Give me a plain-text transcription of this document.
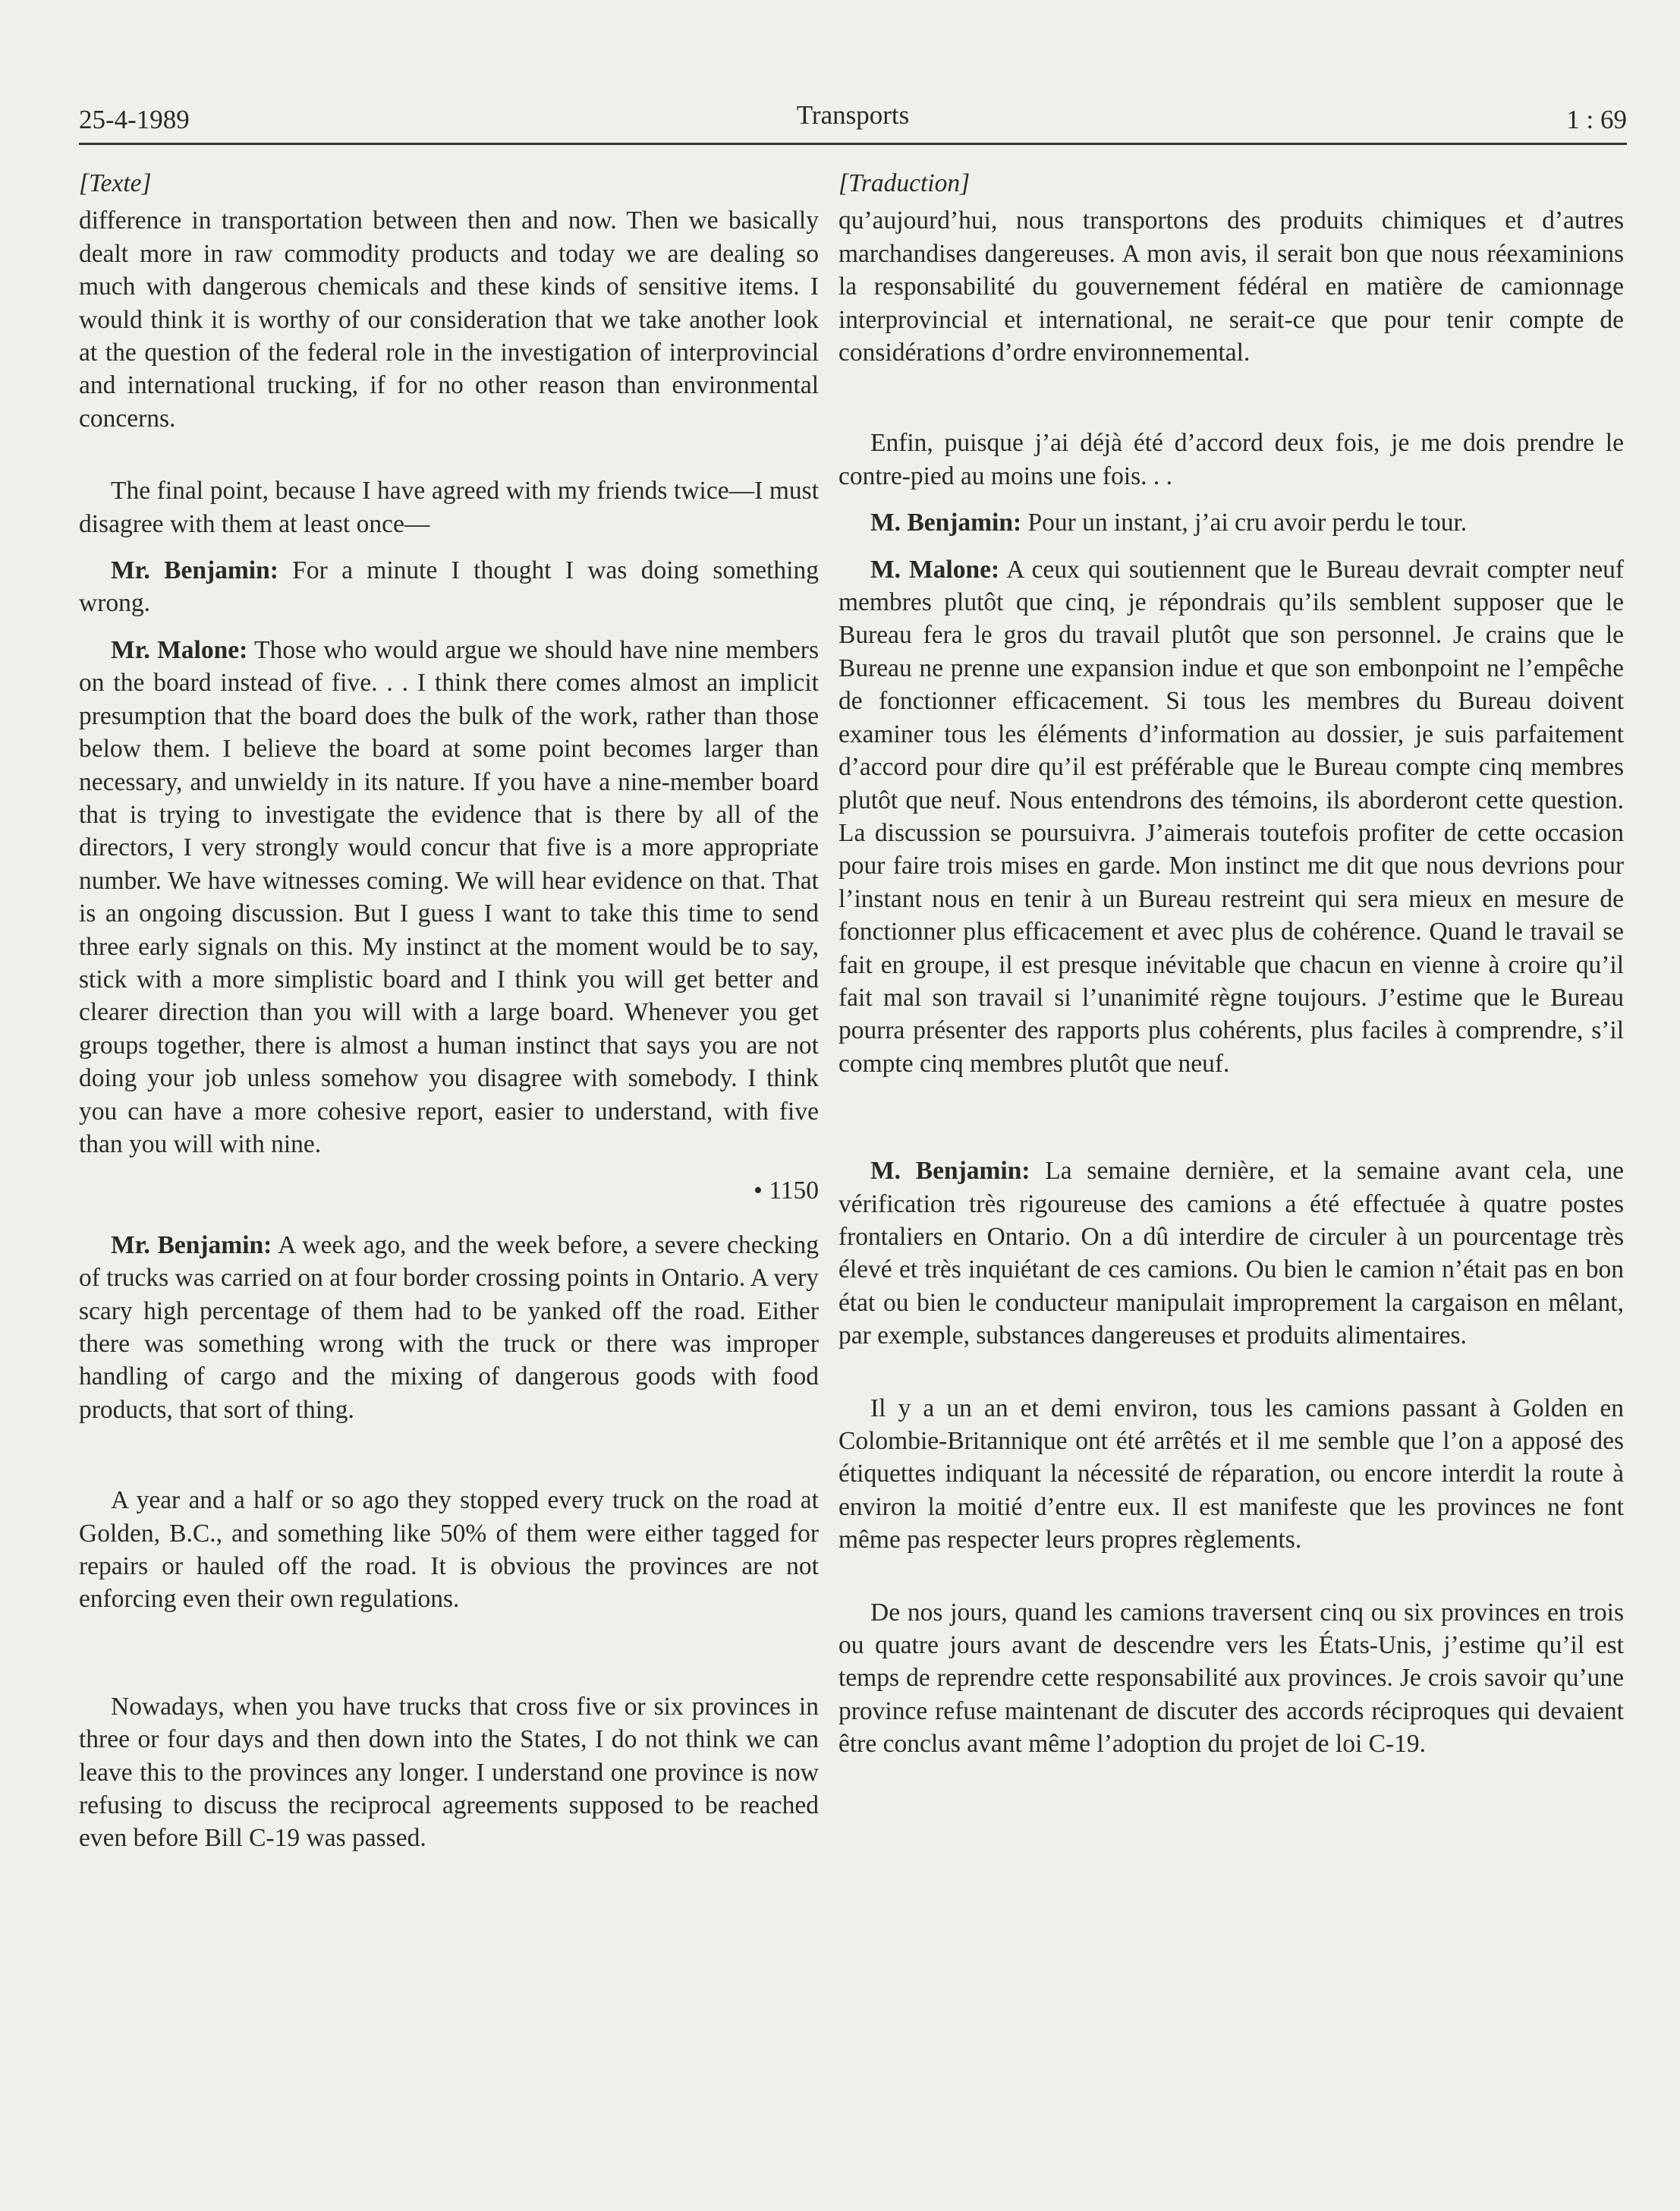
25-4-1989	Transports	1 : 69
[Texte]

difference in transportation between then and now. Then we basically dealt more in raw commodity products and today we are dealing so much with dangerous chemicals and these kinds of sensitive items. I would think it is worthy of our consideration that we take another look at the question of the federal role in the investigation of interprovincial and international trucking, if for no other reason than environmental concerns.

The final point, because I have agreed with my friends twice—I must disagree with them at least once—

Mr. Benjamin: For a minute I thought I was doing something wrong.

Mr. Malone: Those who would argue we should have nine members on the board instead of five. . . I think there comes almost an implicit presumption that the board does the bulk of the work, rather than those below them. I believe the board at some point becomes larger than necessary, and unwieldy in its nature. If you have a nine-member board that is trying to investigate the evidence that is there by all of the directors, I very strongly would concur that five is a more appropriate number. We have witnesses coming. We will hear evidence on that. That is an ongoing discussion. But I guess I want to take this time to send three early signals on this. My instinct at the moment would be to say, stick with a more simplistic board and I think you will get better and clearer direction than you will with a large board. Whenever you get groups together, there is almost a human instinct that says you are not doing your job unless somehow you disagree with somebody. I think you can have a more cohesive report, easier to understand, with five than you will with nine.

• 1150

Mr. Benjamin: A week ago, and the week before, a severe checking of trucks was carried on at four border crossing points in Ontario. A very scary high percentage of them had to be yanked off the road. Either there was something wrong with the truck or there was improper handling of cargo and the mixing of dangerous goods with food products, that sort of thing.

A year and a half or so ago they stopped every truck on the road at Golden, B.C., and something like 50% of them were either tagged for repairs or hauled off the road. It is obvious the provinces are not enforcing even their own regulations.

Nowadays, when you have trucks that cross five or six provinces in three or four days and then down into the States, I do not think we can leave this to the provinces any longer. I understand one province is now refusing to discuss the reciprocal agreements supposed to be reached even before Bill C-19 was passed.

[Traduction]

qu’aujourd’hui, nous transportons des produits chimiques et d’autres marchandises dangereuses. A mon avis, il serait bon que nous réexaminions la responsabilité du gouvernement fédéral en matière de camionnage interprovincial et international, ne serait-ce que pour tenir compte de considérations d’ordre environnemental.

Enfin, puisque j’ai déjà été d’accord deux fois, je me dois prendre le contre-pied au moins une fois. . .

M. Benjamin: Pour un instant, j’ai cru avoir perdu le tour.

M. Malone: A ceux qui soutiennent que le Bureau devrait compter neuf membres plutôt que cinq, je répondrais qu’ils semblent supposer que le Bureau fera le gros du travail plutôt que son personnel. Je crains que le Bureau ne prenne une expansion indue et que son embonpoint ne l’empêche de fonctionner efficacement. Si tous les membres du Bureau doivent examiner tous les éléments d’information au dossier, je suis parfaitement d’accord pour dire qu’il est préférable que le Bureau compte cinq membres plutôt que neuf. Nous entendrons des témoins, ils aborderont cette question. La discussion se poursuivra. J’aimerais toutefois profiter de cette occasion pour faire trois mises en garde. Mon instinct me dit que nous devrions pour l’instant nous en tenir à un Bureau restreint qui sera mieux en mesure de fonctionner plus efficacement et avec plus de cohérence. Quand le travail se fait en groupe, il est presque inévitable que chacun en vienne à croire qu’il fait mal son travail si l’unanimité règne toujours. J’estime que le Bureau pourra présenter des rapports plus cohérents, plus faciles à comprendre, s’il compte cinq membres plutôt que neuf.

M. Benjamin: La semaine dernière, et la semaine avant cela, une vérification très rigoureuse des camions a été effectuée à quatre postes frontaliers en Ontario. On a dû interdire de circuler à un pourcentage très élevé et très inquiétant de ces camions. Ou bien le camion n’était pas en bon état ou bien le conducteur manipulait improprement la cargaison en mêlant, par exemple, substances dangereuses et produits alimentaires.

Il y a un an et demi environ, tous les camions passant à Golden en Colombie-Britannique ont été arrêtés et il me semble que l’on a apposé des étiquettes indiquant la nécessité de réparation, ou encore interdit la route à environ la moitié d’entre eux. Il est manifeste que les provinces ne font même pas respecter leurs propres règlements.

De nos jours, quand les camions traversent cinq ou six provinces en trois ou quatre jours avant de descendre vers les États-Unis, j’estime qu’il est temps de reprendre cette responsabilité aux provinces. Je crois savoir qu’une province refuse maintenant de discuter des accords réciproques qui devaient être conclus avant même l’adoption du projet de loi C-19.
